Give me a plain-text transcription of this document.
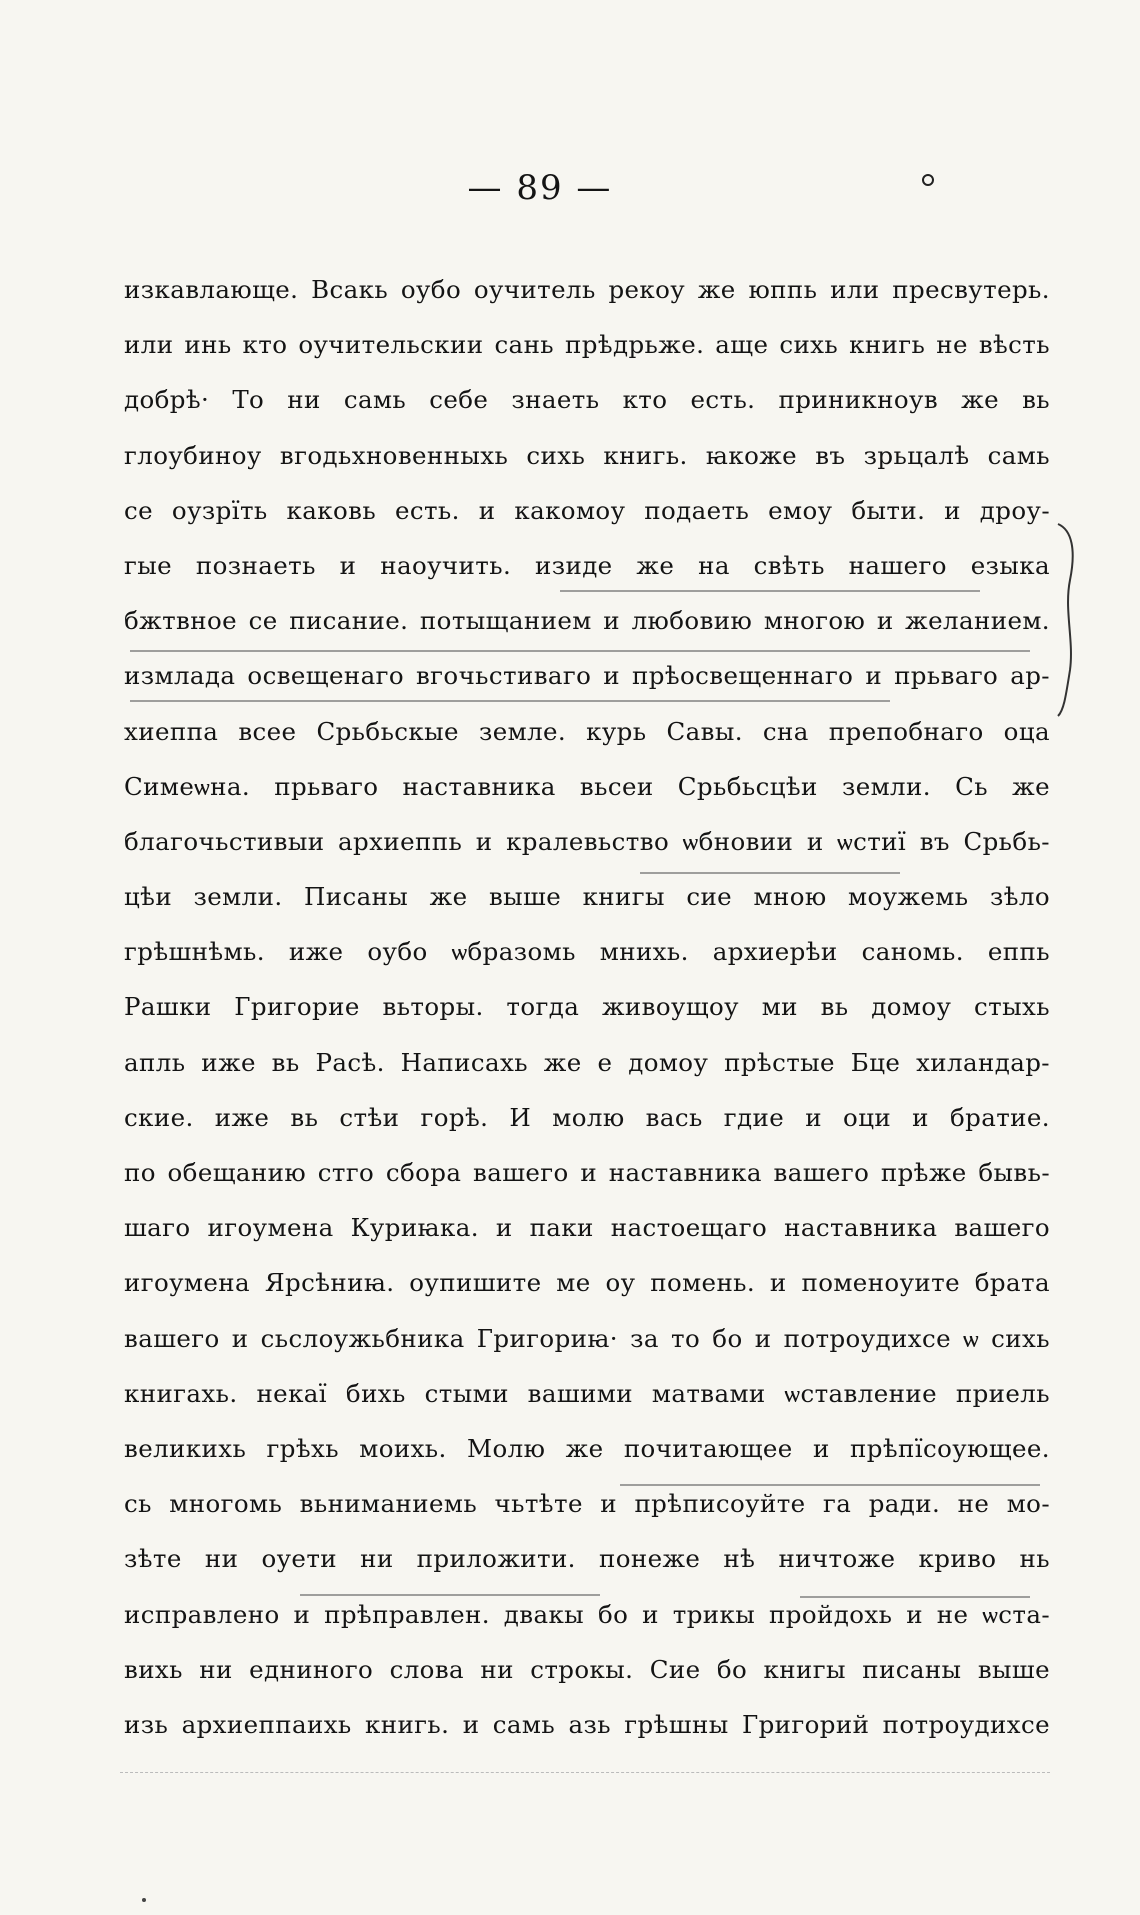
— 89 —
изкавлающе. Всакь оубо оучитель рекоу же юппь или пресвутерь.
или инь кто оучительскии сань прѣдрьже. аще сихь книгь не вѣсть
добрѣ· То ни самь себе знаеть кто есть. приникноув же вь
глоубиноу вгодьхновенныхь сихь книгь. ꙗкоже въ зрьцалѣ самь
се оузрїть каковь есть. и какомоу подаеть емоу быти. и дроу-
гые познаеть и наоучить. изиде же на свѣть нашего езыка
бжтвное се писание. потыщанием и любовию многою и желанием.
измлада освещенаго вгочьстиваго и прѣосвещеннаго и прьваго ар-
хиеппа всее Срьбьскыe земле. курь Савы. сна препобнаго оца
Симеѡна. прьваго наставника вьсеи Срьбьсцѣи земли. Сь же
благочьстивыи архиеппь и кралевьство ѡбновии и ѡстиї въ Срьбь-
цѣи земли. Писаны же выше книгы сие мною моужемь зѣло
грѣшнѣмь. иже оубо ѡбразомь мнихь. архиерѣи саномь. еппь
Рашки Григорие вьторы. тогда живоущоу ми вь домоу стыхь
апль иже вь Расѣ. Написахь же е домоу прѣстые Бце хиландар-
скиe. иже вь стѣи горѣ. И молю вась гдие и оци и братие.
по обещанию стго сбора вашего и наставника вашего прѣже бывь-
шаго игоумена Куриꙗка. и паки настоещаго наставника вашего
игоумена Ярсѣниꙗ. оупишите ме оу помень. и поменоуите брата
вашего и сьслоужьбника Григориꙗ· за то бо и потроудихсе ѡ сихь
книгахь. некаї бихь стыми вашими матвами ѡставление приель
великихь грѣхь моихь. Молю же почитающее и прѣпїсоующее.
сь многомь вьниманиемь чьтѣте и прѣписоуйте га ради. не мо-
зѣте ни оуети ни приложити. понеже нѣ ничтоже криво нь
исправлено и прѣправлен. двакы бо и трикы пройдохь и не ѡста-
вихь ни едниного слова ни строкы. Сие бо книгы писаны выше
изь архиеппаихь книгь. и самь азь грѣшны Григорий потроудихсе
